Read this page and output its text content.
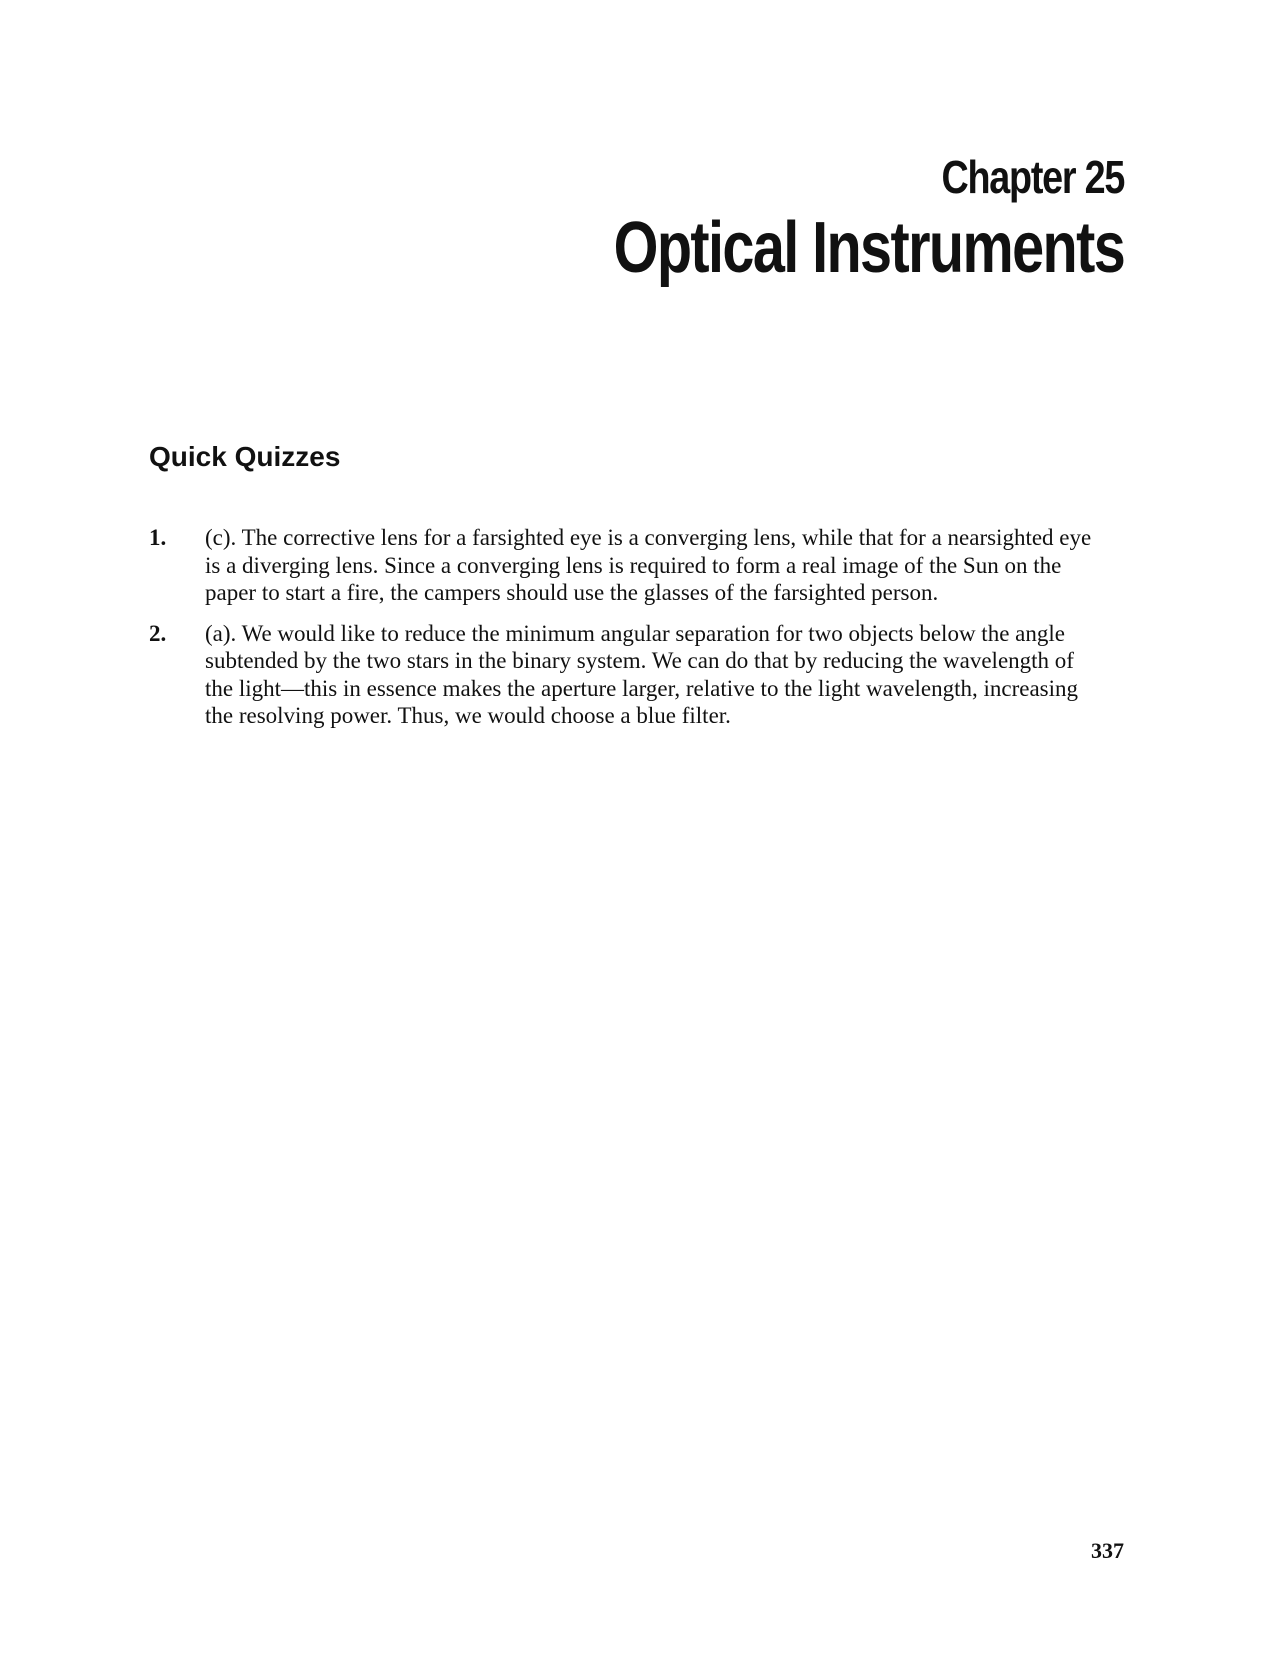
Chapter 25
Optical Instruments
Quick Quizzes
1.	(c). The corrective lens for a farsighted eye is a converging lens, while that for a nearsighted eye is a diverging lens. Since a converging lens is required to form a real image of the Sun on the paper to start a fire, the campers should use the glasses of the farsighted person.
2.	(a). We would like to reduce the minimum angular separation for two objects below the angle subtended by the two stars in the binary system. We can do that by reducing the wavelength of the light—this in essence makes the aperture larger, relative to the light wavelength, increasing the resolving power. Thus, we would choose a blue filter.
337
